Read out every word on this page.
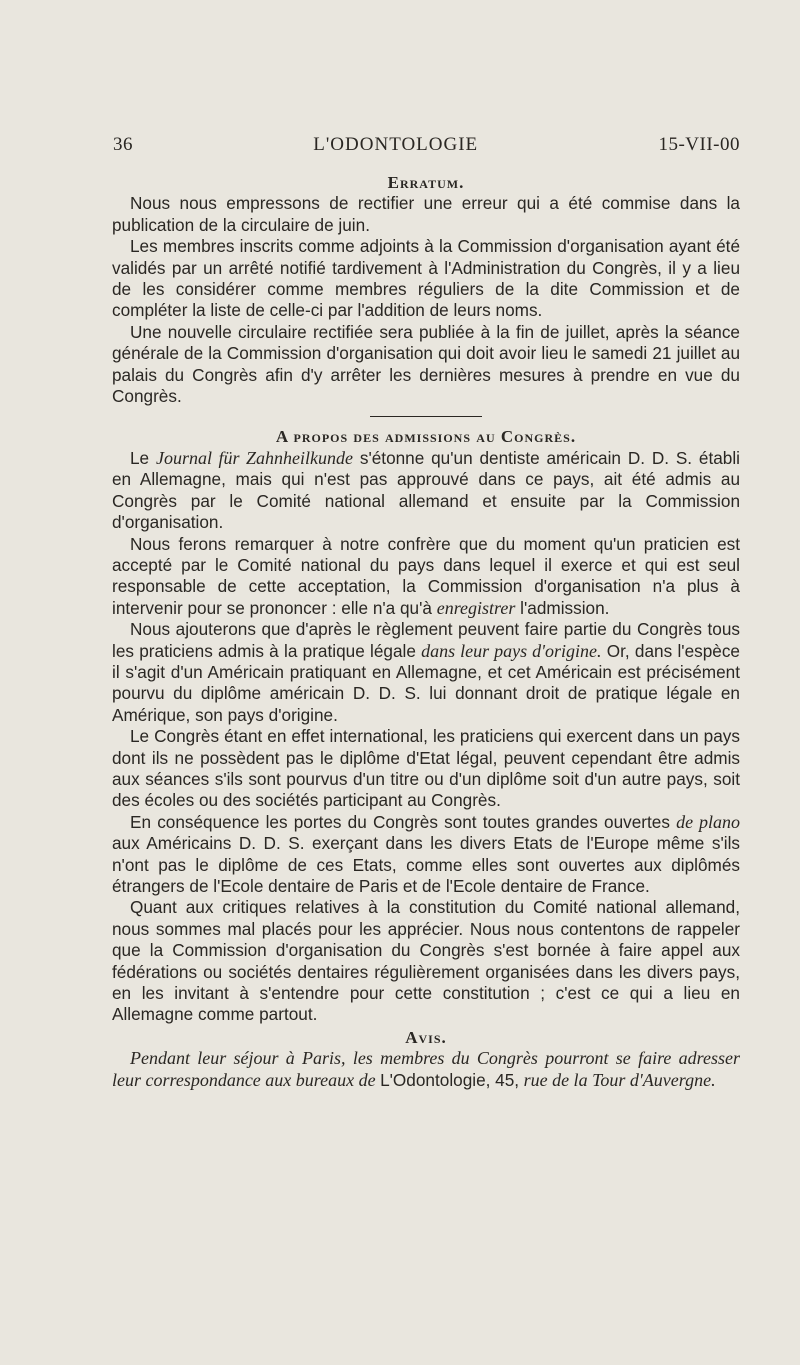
36	L'ODONTOLOGIE	15-VII-00
Erratum.

Nous nous empressons de rectifier une erreur qui a été commise dans la publication de la circulaire de juin.

Les membres inscrits comme adjoints à la Commission d'organisation ayant été validés par un arrêté notifié tardivement à l'Administration du Congrès, il y a lieu de les considérer comme membres réguliers de la dite Commission et de compléter la liste de celle-ci par l'addition de leurs noms.

Une nouvelle circulaire rectifiée sera publiée à la fin de juillet, après la séance générale de la Commission d'organisation qui doit avoir lieu le samedi 21 juillet au palais du Congrès afin d'y arrêter les dernières mesures à prendre en vue du Congrès.

A propos des admissions au Congrès.

Le Journal für Zahnheilkunde s'étonne qu'un dentiste américain D. D. S. établi en Allemagne, mais qui n'est pas approuvé dans ce pays, ait été admis au Congrès par le Comité national allemand et ensuite par la Commission d'organisation.

Nous ferons remarquer à notre confrère que du moment qu'un praticien est accepté par le Comité national du pays dans lequel il exerce et qui est seul responsable de cette acceptation, la Commission d'organisation n'a plus à intervenir pour se prononcer : elle n'a qu'à enregistrer l'admission.

Nous ajouterons que d'après le règlement peuvent faire partie du Congrès tous les praticiens admis à la pratique légale dans leur pays d'origine. Or, dans l'espèce il s'agit d'un Américain pratiquant en Allemagne, et cet Américain est précisément pourvu du diplôme américain D. D. S. lui donnant droit de pratique légale en Amérique, son pays d'origine.

Le Congrès étant en effet international, les praticiens qui exercent dans un pays dont ils ne possèdent pas le diplôme d'Etat légal, peuvent cependant être admis aux séances s'ils sont pourvus d'un titre ou d'un diplôme soit d'un autre pays, soit des écoles ou des sociétés participant au Congrès.

En conséquence les portes du Congrès sont toutes grandes ouvertes de plano aux Américains D. D. S. exerçant dans les divers Etats de l'Europe même s'ils n'ont pas le diplôme de ces Etats, comme elles sont ouvertes aux diplômés étrangers de l'Ecole dentaire de Paris et de l'Ecole dentaire de France.

Quant aux critiques relatives à la constitution du Comité national allemand, nous sommes mal placés pour les apprécier. Nous nous contentons de rappeler que la Commission d'organisation du Congrès s'est bornée à faire appel aux fédérations ou sociétés dentaires régulièrement organisées dans les divers pays, en les invitant à s'entendre pour cette constitution ; c'est ce qui a lieu en Allemagne comme partout.

Avis.

Pendant leur séjour à Paris, les membres du Congrès pourront se faire adresser leur correspondance aux bureaux de L'Odontologie, 45, rue de la Tour d'Auvergne.
